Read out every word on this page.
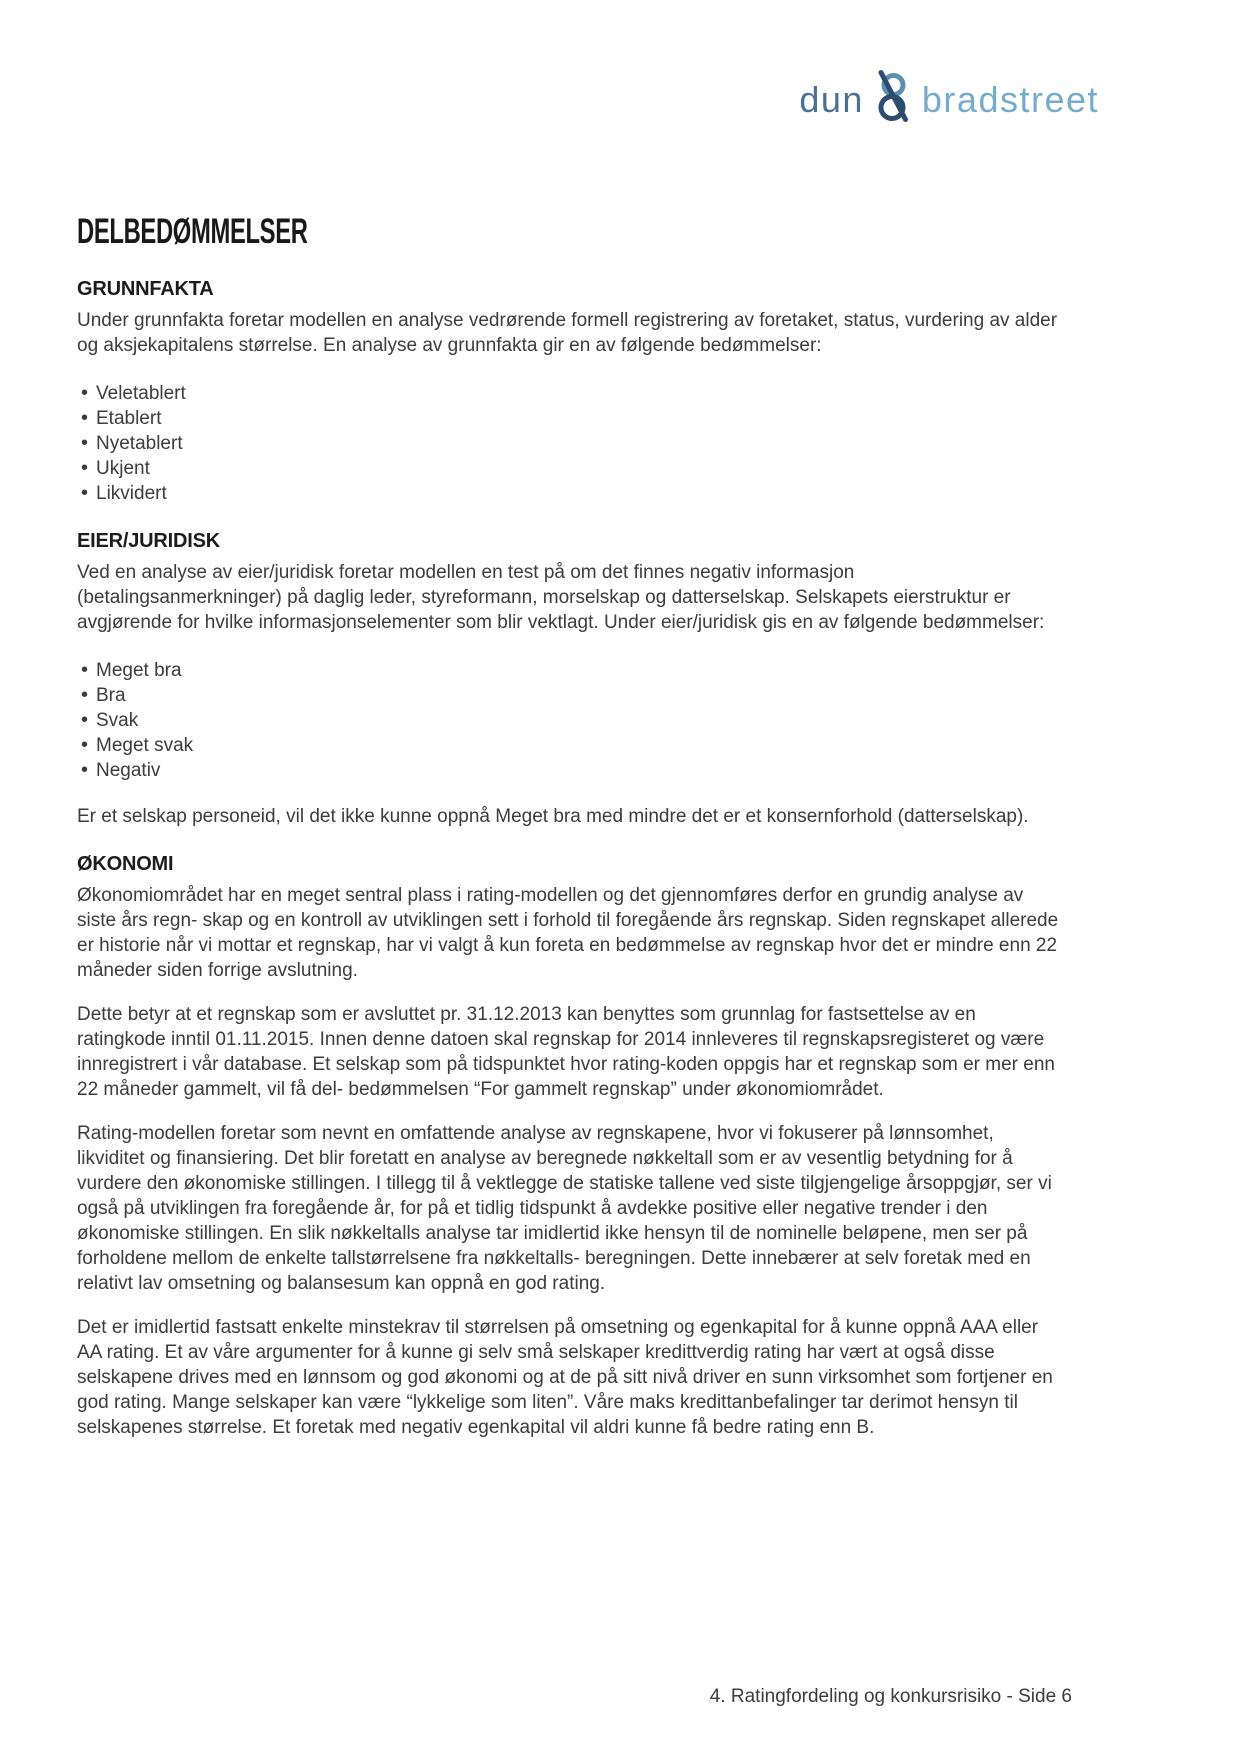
dun bradstreet
DELBEDØMMELSER
GRUNNFAKTA

Under grunnfakta foretar modellen en analyse vedrørende formell registrering av foretaket, status, vurdering av alder og aksjekapitalens størrelse. En analyse av grunnfakta gir en av følgende bedømmelser:

• Veletablert
• Etablert
• Nyetablert
• Ukjent
• Likvidert
EIER/JURIDISK

Ved en analyse av eier/juridisk foretar modellen en test på om det finnes negativ informasjon (betalingsanmerkninger) på daglig leder, styreformann, morselskap og datterselskap. Selskapets eierstruktur er avgjørende for hvilke informasjonselementer som blir vektlagt. Under eier/juridisk gis en av følgende bedømmelser:

• Meget bra
• Bra
• Svak
• Meget svak
• Negativ

Er et selskap personeid, vil det ikke kunne oppnå Meget bra med mindre det er et konsernforhold (datterselskap).

ØKONOMI

Økonomiområdet har en meget sentral plass i rating-modellen og det gjennomføres derfor en grundig analyse av siste års regn- skap og en kontroll av utviklingen sett i forhold til foregående års regnskap. Siden regnskapet allerede er historie når vi mottar et regnskap, har vi valgt å kun foreta en bedømmelse av regnskap hvor det er mindre enn 22 måneder siden forrige avslutning.

Dette betyr at et regnskap som er avsluttet pr. 31.12.2013 kan benyttes som grunnlag for fastsettelse av en ratingkode inntil 01.11.2015. Innen denne datoen skal regnskap for 2014 innleveres til regnskapsregisteret og være innregistrert i vår database. Et selskap som på tidspunktet hvor rating-koden oppgis har et regnskap som er mer enn 22 måneder gammelt, vil få del- bedømmelsen “For gammelt regnskap” under økonomiområdet.

Rating-modellen foretar som nevnt en omfattende analyse av regnskapene, hvor vi fokuserer på lønnsomhet, likviditet og finansiering. Det blir foretatt en analyse av beregnede nøkkeltall som er av vesentlig betydning for å vurdere den økonomiske stillingen. I tillegg til å vektlegge de statiske tallene ved siste tilgjengelige årsoppgjør, ser vi også på utviklingen fra foregående år, for på et tidlig tidspunkt å avdekke positive eller negative trender i den økonomiske stillingen. En slik nøkkeltalls analyse tar imidlertid ikke hensyn til de nominelle beløpene, men ser på forholdene mellom de enkelte tallstørrelsene fra nøkkeltalls- beregningen. Dette innebærer at selv foretak med en relativt lav omsetning og balansesum kan oppnå en god rating.

Det er imidlertid fastsatt enkelte minstekrav til størrelsen på omsetning og egenkapital for å kunne oppnå AAA eller AA rating. Et av våre argumenter for å kunne gi selv små selskaper kredittverdig rating har vært at også disse selskapene drives med en lønnsom og god økonomi og at de på sitt nivå driver en sunn virksomhet som fortjener en god rating. Mange selskaper kan være “lykkelige som liten”. Våre maks kredittanbefalinger tar derimot hensyn til selskapenes størrelse. Et foretak med negativ egenkapital vil aldri kunne få bedre rating enn B.

4. Ratingfordeling og konkursrisiko - Side 6
